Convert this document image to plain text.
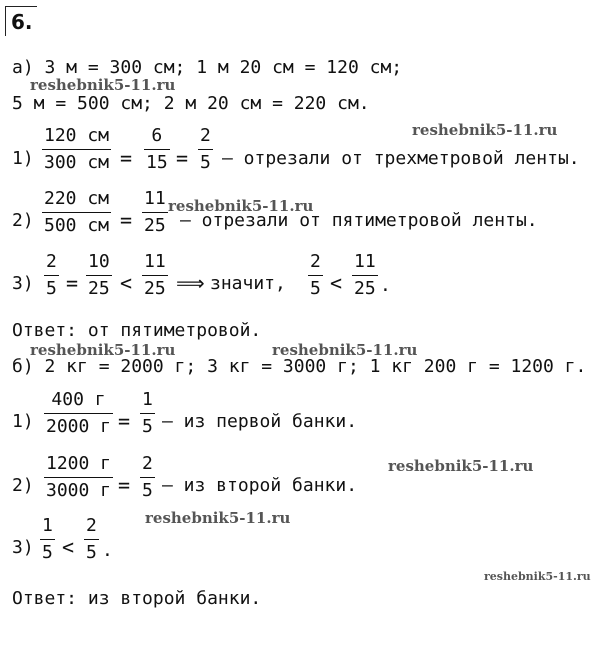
6.
а) 3 м = 300 см; 1 м 20 см = 120 см;
5 м = 500 см; 2 м 20 см = 220 см.
1)
120 см
300 см =
6
15 =
2
5 – отрезали от трехметровой ленты.
2)
220 см
500 см =
11
25 – отрезали от пятиметровой ленты.
3)
2
5 =
10
25 <
11
25 ⟹ значит,
2
5 <
11
25 .
Ответ: от пятиметровой.
б) 2 кг = 2000 г; 3 кг = 3000 г; 1 кг 200 г = 1200 г.
1)
400 г
2000 г =
1
5 – из первой банки.
2)
1200 г
3000 г =
2
5 – из второй банки.
3)
1
5 <
2
5 .
Ответ: из второй банки.
reshebnik5-11.ru
reshebnik5-11.ru
reshebnik5-11.ru
reshebnik5-11.ru	reshebnik5-11.ru
reshebnik5-11.ru
reshebnik5-11.ru
reshebnik5-11.ru
